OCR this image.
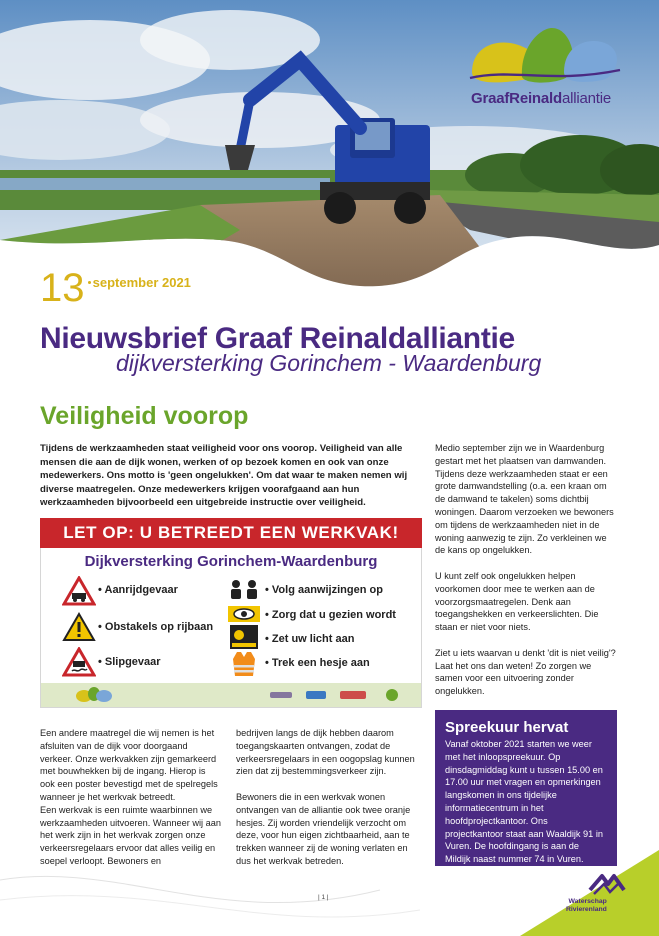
GraafReinaldalliantie
13 september 2021
Nieuwsbrief Graaf Reinaldalliantie
dijkversterking Gorinchem - Waardenburg
Veiligheid voorop
Tijdens de werkzaamheden staat veiligheid voor ons voorop. Veiligheid van alle mensen die aan de dijk wonen, werken of op bezoek komen en ook van onze medewerkers. Ons motto is 'geen ongelukken'. Om dat waar te maken nemen wij diverse maatregelen. Onze medewerkers krijgen voorafgaand aan hun werkzaamheden bijvoorbeeld een uitgebreide instructie over veiligheid.
LET OP: U BETREEDT EEN WERKVAK!
Dijkversterking Gorinchem-Waardenburg
• Aanrijdgevaar
• Obstakels op rijbaan
• Slipgevaar
• Volg aanwijzingen op
• Zorg dat u gezien wordt
• Zet uw licht aan
• Trek een hesje aan

Een andere maatregel die wij nemen is het afsluiten van de dijk voor doorgaand verkeer. Onze werkvakken zijn gemarkeerd met bouwhekken bij de ingang. Hierop is ook een poster bevestigd met de spelregels wanneer je het werkvak betreedt.

Een werkvak is een ruimte waarbinnen we werkzaamheden uitvoeren. Wanneer wij aan het werk zijn in het werkvak zorgen onze verkeersregelaars ervoor dat alles veilig en soepel verloopt. Bewoners en

bedrijven langs de dijk hebben daarom toegangskaarten ontvangen, zodat de verkeersregelaars in een oogopslag kunnen zien dat zij bestemmingsverkeer zijn.

Bewoners die in een werkvak wonen ontvangen van de alliantie ook twee oranje hesjes. Zij worden vriendelijk verzocht om deze, voor hun eigen zichtbaarheid, aan te trekken wanneer zij de woning verlaten en dus het werkvak betreden.

Medio september zijn we in Waardenburg gestart met het plaatsen van damwanden. Tijdens deze werkzaamheden staat er een grote damwandstelling (o.a. een kraan om de damwand te takelen) soms dichtbij woningen. Daarom verzoeken we bewoners om tijdens de werkzaamheden niet in de woning aanwezig te zijn. Zo verkleinen we de kans op ongelukken.

U kunt zelf ook ongelukken helpen voorkomen door mee te werken aan de voorzorgsmaatregelen. Denk aan toegangshekken en verkeerslichten. Die staan er niet voor niets.

Ziet u iets waarvan u denkt 'dit is niet veilig'? Laat het ons dan weten! Zo zorgen we samen voor een uitvoering zonder ongelukken.

Spreekuur hervat

Vanaf oktober 2021 starten we weer met het inloopspreekuur. Op dinsdagmiddag kunt u tussen 15.00 en 17.00 uur met vragen en opmerkingen langskomen in ons tijdelijke informatiecentrum in het hoofdprojectkantoor. Ons projectkantoor staat aan Waaldijk 91 in Vuren. De hoofdingang is aan de Mildijk naast nummer 74 in Vuren.

| 1 |
Waterschap
Rivierenland
